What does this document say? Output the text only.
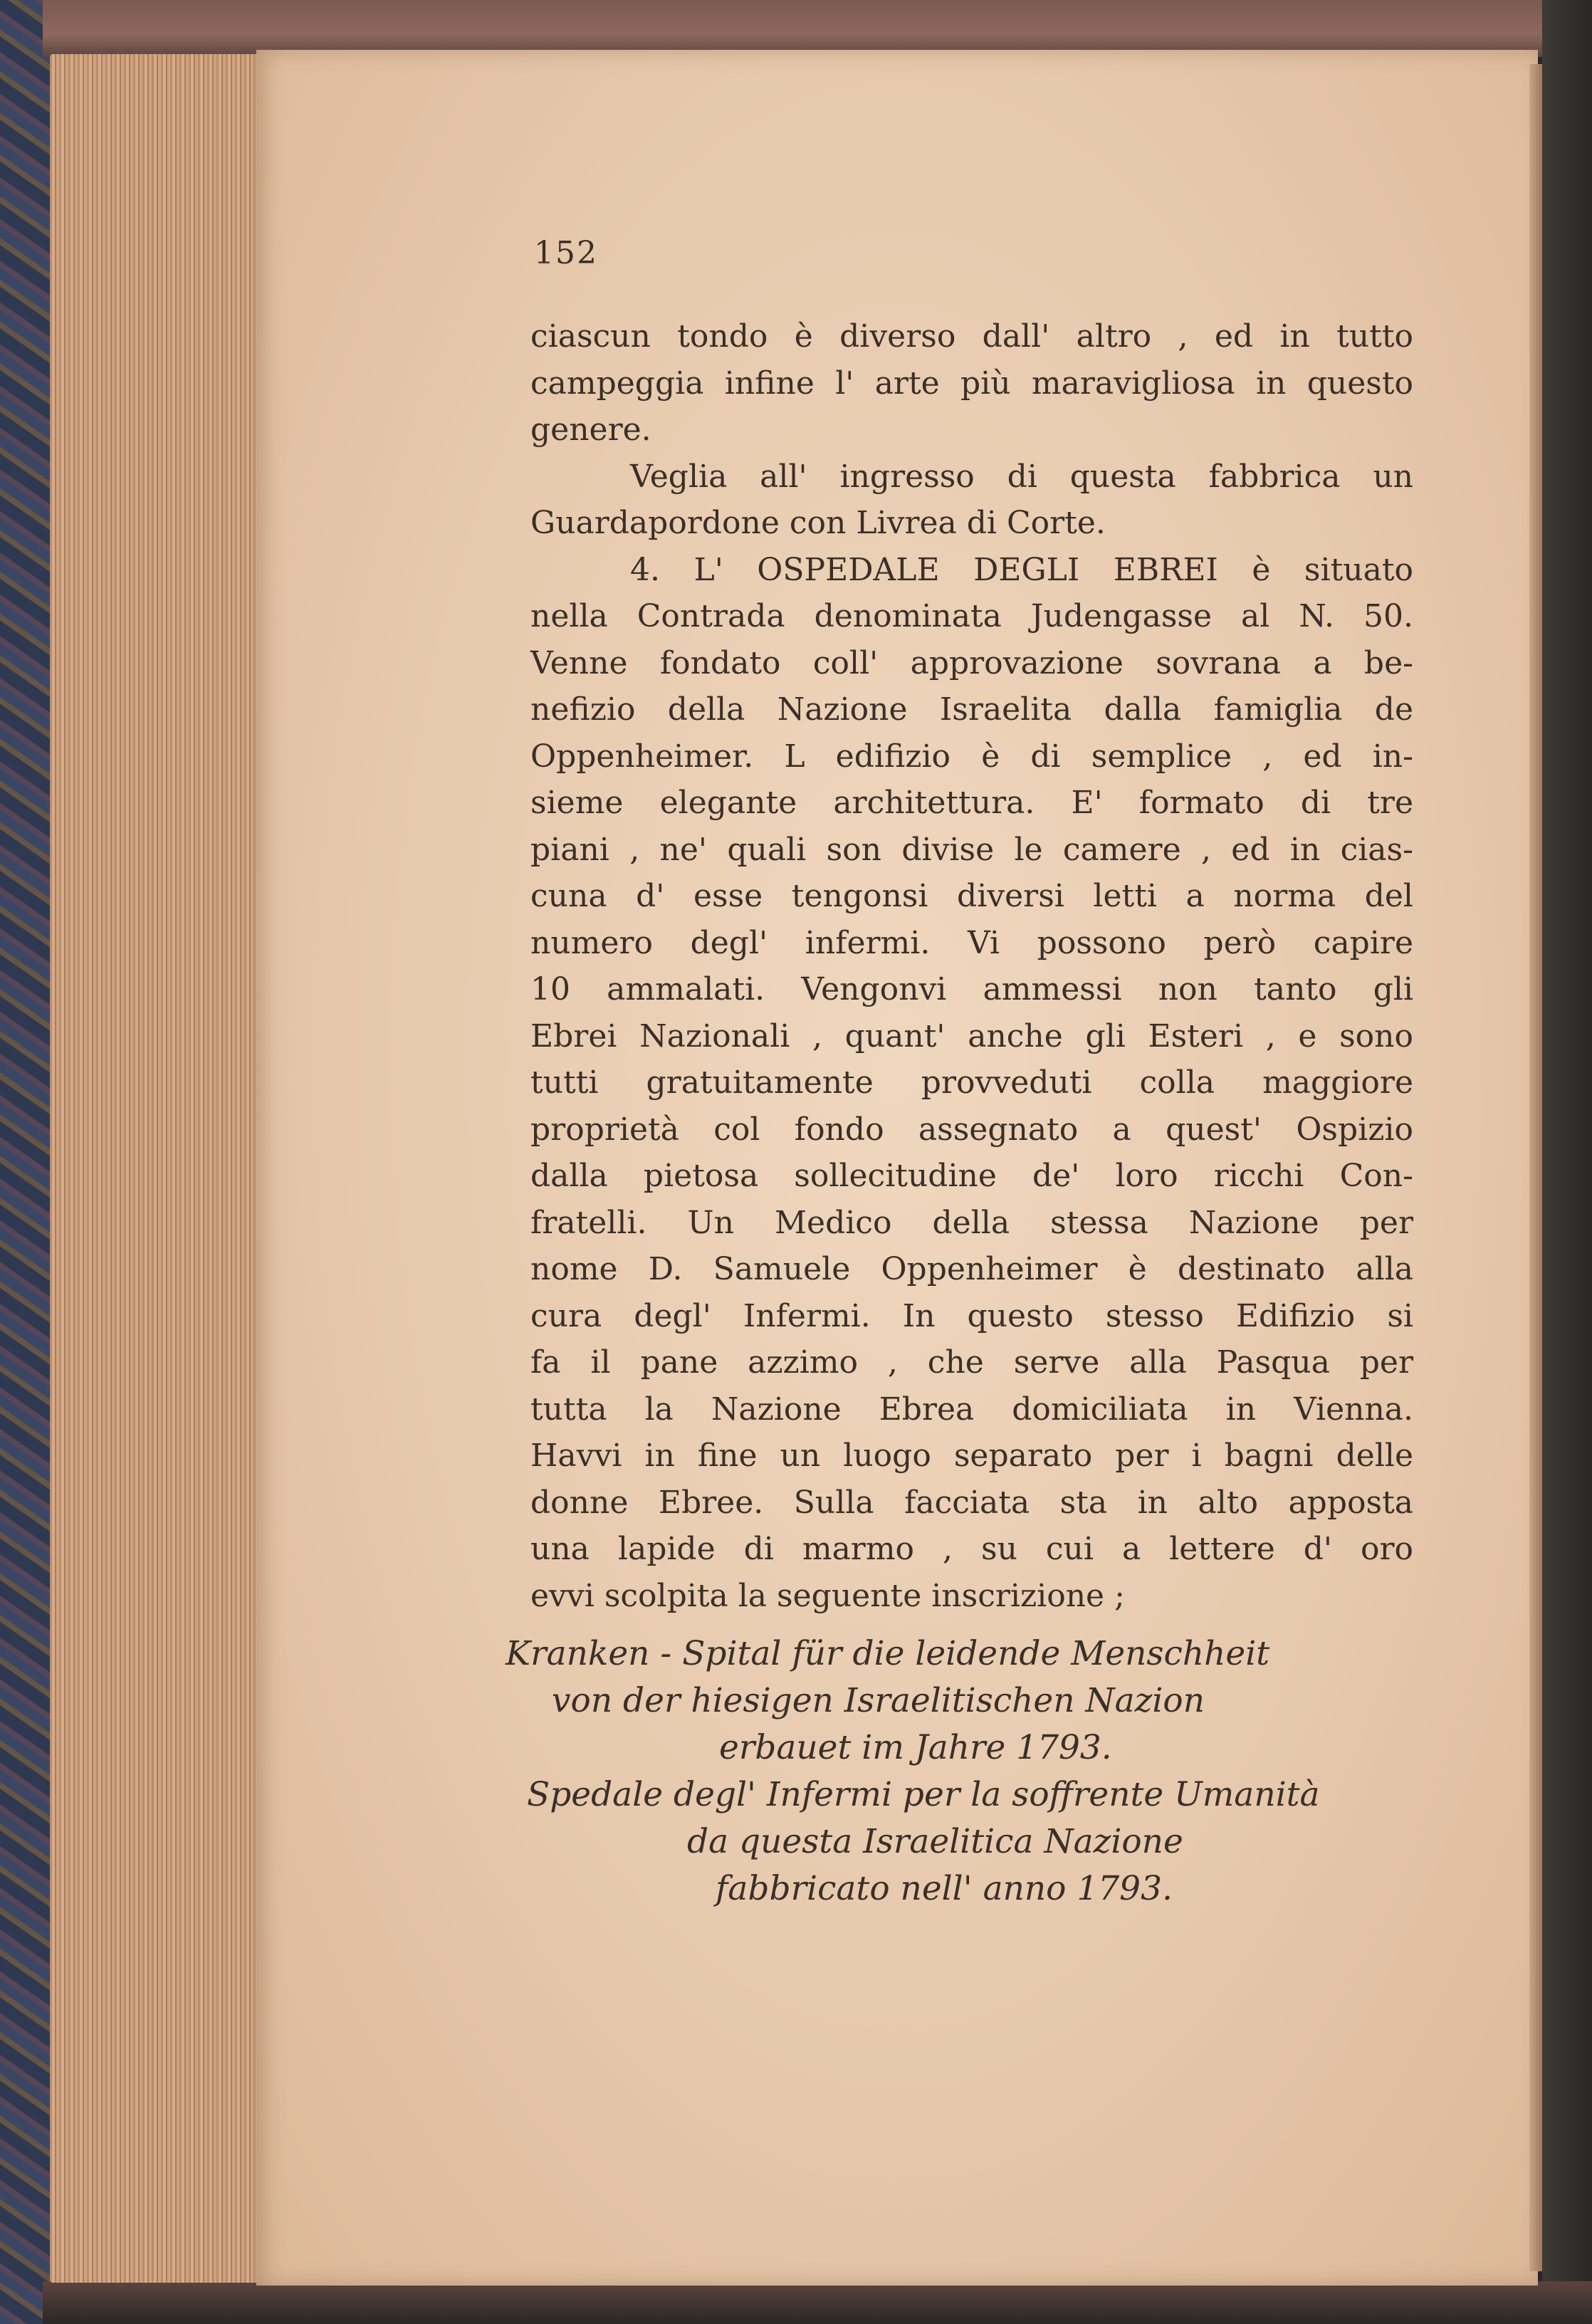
152
ciascun tondo è diverso dall' altro , ed in tutto
campeggia infine l' arte più maravigliosa in questo
genere.
Veglia all' ingresso di questa fabbrica un
Guardapordone con Livrea di Corte.
4. L' OSPEDALE DEGLI EBREI è situato
nella Contrada denominata Judengasse al N. 50.
Venne fondato coll' approvazione sovrana a be-
nefizio della Nazione Israelita dalla famiglia de
Oppenheimer. L edifizio è di semplice , ed in-
sieme elegante architettura. E' formato di tre
piani , ne' quali son divise le camere , ed in cias-
cuna d' esse tengonsi diversi letti a norma del
numero degl' infermi. Vi possono però capire
10 ammalati. Vengonvi ammessi non tanto gli
Ebrei Nazionali , quant' anche gli Esteri , e sono
tutti gratuitamente provveduti colla maggiore
proprietà col fondo assegnato a quest' Ospizio
dalla pietosa sollecitudine de' loro ricchi Con-
fratelli. Un Medico della stessa Nazione per
nome D. Samuele Oppenheimer è destinato alla
cura degl' Infermi. In questo stesso Edifizio si
fa il pane azzimo , che serve alla Pasqua per
tutta la Nazione Ebrea domiciliata in Vienna.
Havvi in fine un luogo separato per i bagni delle
donne Ebree. Sulla facciata sta in alto apposta
una lapide di marmo , su cui a lettere d' oro
evvi scolpita la seguente inscrizione ;
Kranken - Spital für die leidende Menschheit
von der hiesigen Israelitischen Nazion
erbauet im Jahre 1793.
Spedale degl' Infermi per la soffrente Umanità
da questa Israelitica Nazione
fabbricato nell' anno 1793.
